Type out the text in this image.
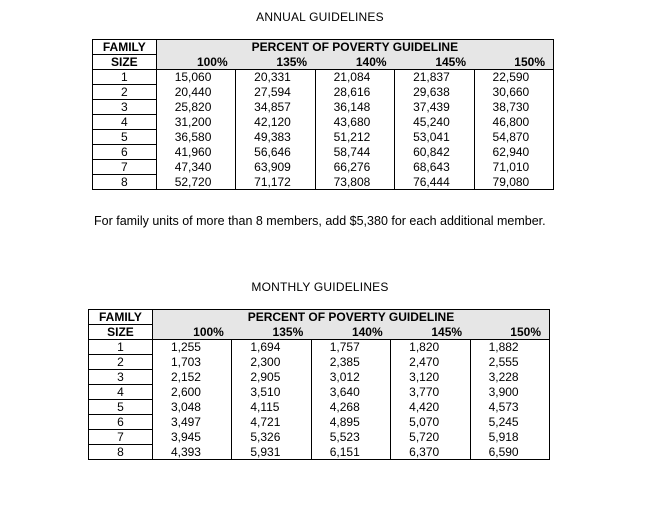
ANNUAL GUIDELINES
FAMILY	PERCENT OF POVERTY GUIDELINE				
SIZE	100%	135%	140%	145%	150%
1	15,060	20,331	21,084	21,837	22,590
2	20,440	27,594	28,616	29,638	30,660
3	25,820	34,857	36,148	37,439	38,730
4	31,200	42,120	43,680	45,240	46,800
5	36,580	49,383	51,212	53,041	54,870
6	41,960	56,646	58,744	60,842	62,940
7	47,340	63,909	66,276	68,643	71,010
8	52,720	71,172	73,808	76,444	79,080
For family units of more than 8 members, add $5,380 for each additional member.
MONTHLY GUIDELINES
FAMILY	PERCENT OF POVERTY GUIDELINE				
SIZE	100%	135%	140%	145%	150%
1	1,255	1,694	1,757	1,820	1,882
2	1,703	2,300	2,385	2,470	2,555
3	2,152	2,905	3,012	3,120	3,228
4	2,600	3,510	3,640	3,770	3,900
5	3,048	4,115	4,268	4,420	4,573
6	3,497	4,721	4,895	5,070	5,245
7	3,945	5,326	5,523	5,720	5,918
8	4,393	5,931	6,151	6,370	6,590
